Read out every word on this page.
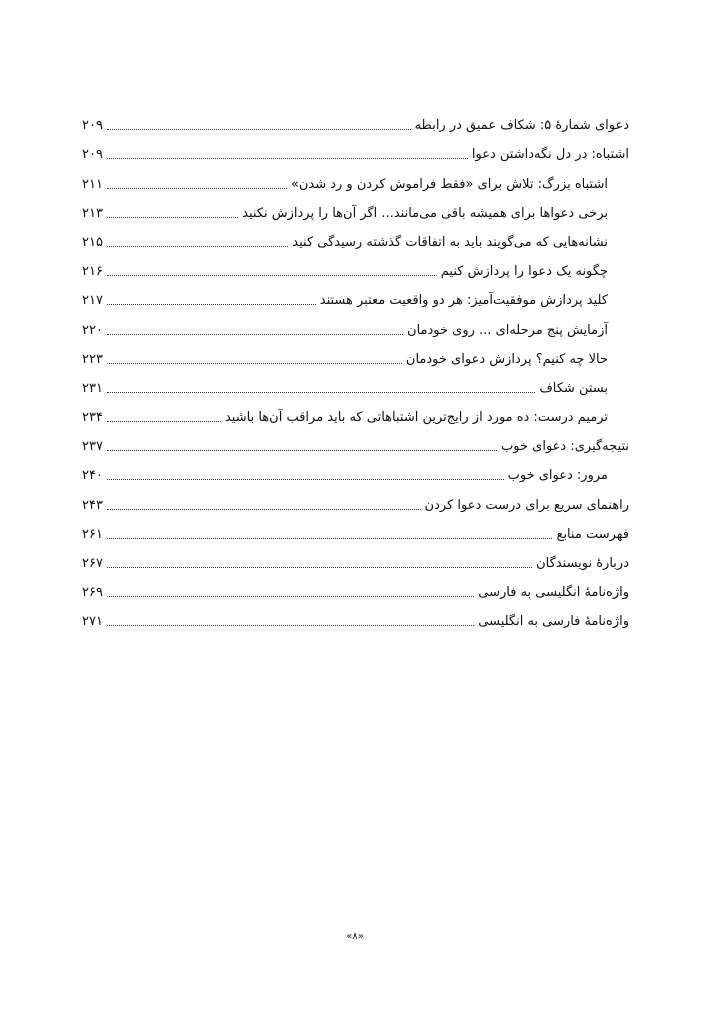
دعوای شمارهٔ ۵: شکاف عمیق در رابطه
۲۰۹
اشتباه: در دل نگه‌داشتن دعوا
۲۰۹
اشتباه بزرگ: تلاش برای «فقط فراموش کردن و رد شدن»
۲۱۱
برخی دعواها برای همیشه باقی می‌مانند... اگر آن‌ها را پردازش نکنید
۲۱۳
نشانه‌هایی که می‌گویند باید به اتفاقات گذشته رسیدگی کنید
۲۱۵
چگونه یک دعوا را پردازش کنیم
۲۱۶
کلید پردازش موفقیت‌آمیز: هر دو واقعیت معتبر هستند
۲۱۷
آزمایش پنج مرحله‌ای ... روی خودمان
۲۲۰
حالا چه کنیم؟ پردازش دعوای خودمان
۲۲۳
بستن شکاف
۲۳۱
ترمیم درست: ده مورد از رایج‌ترین اشتباهاتی که باید مراقب آن‌ها باشید
۲۳۴
نتیجه‌گیری: دعوای خوب
۲۳۷
مرور: دعوای خوب
۲۴۰
راهنمای سریع برای درست دعوا کردن
۲۴۳
فهرست منابع
۲۶۱
دربارهٔ نویسندگان
۲۶۷
واژه‌نامهٔ انگلیسی به فارسی
۲۶۹
واژه‌نامهٔ فارسی به انگلیسی
۲۷۱
«۸»
